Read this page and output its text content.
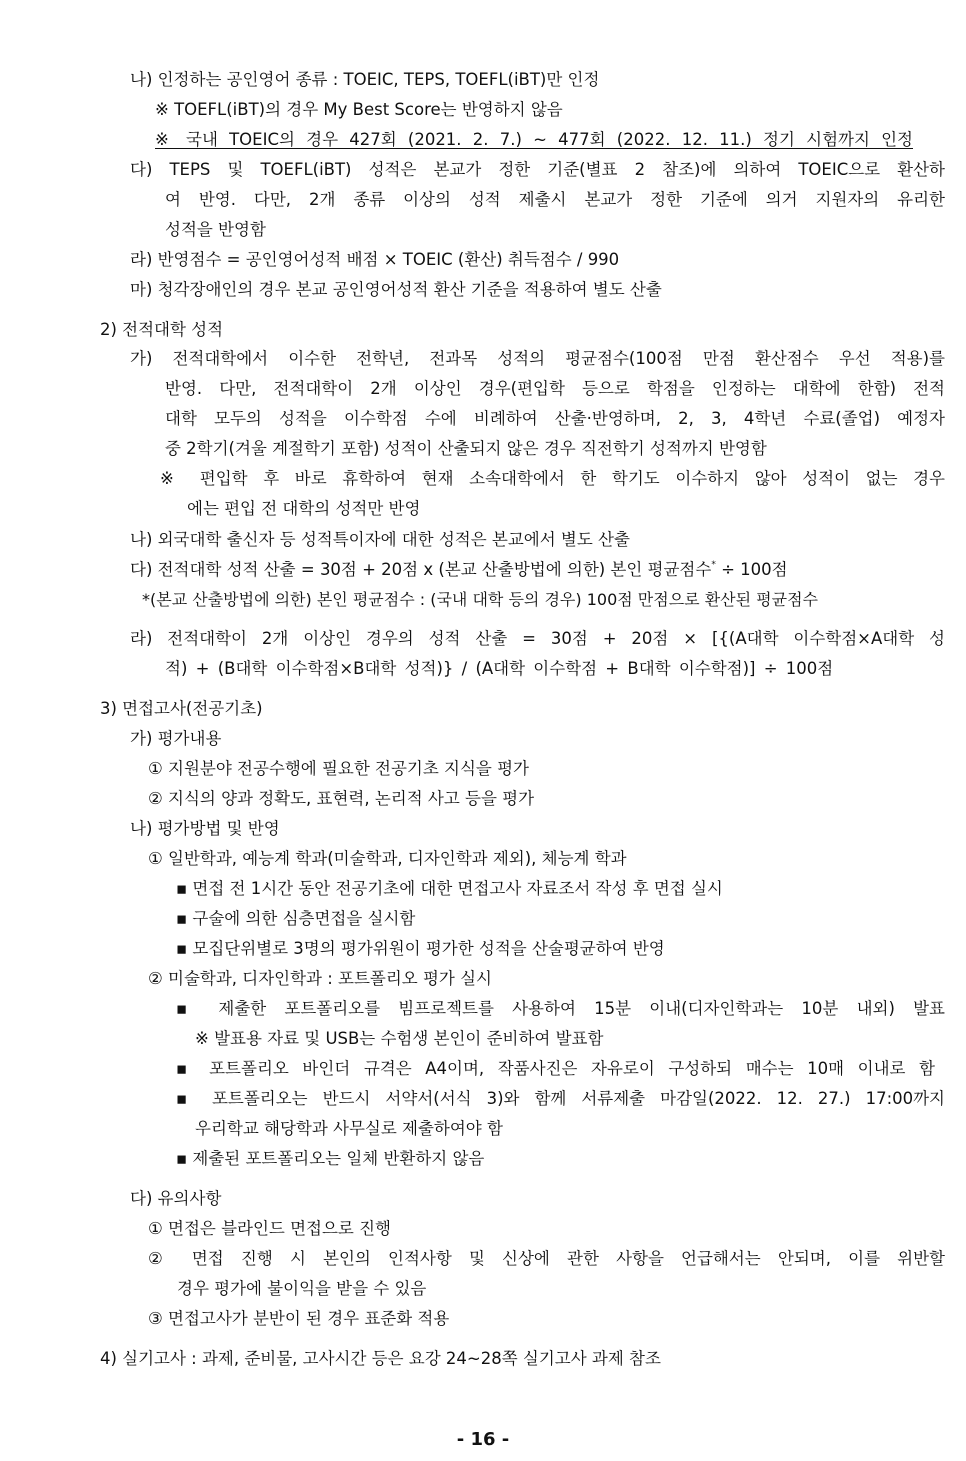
나) 인정하는 공인영어 종류 : TOEIC, TEPS, TOEFL(iBT)만 인정
※ TOEFL(iBT)의 경우 My Best Score는 반영하지 않음
※ 국내 TOEIC의 경우 427회 (2021. 2. 7.) ~ 477회 (2022. 12. 11.) 정기 시험까지 인정
다) TEPS 및 TOEFL(iBT) 성적은 본교가 정한 기준(별표 2 참조)에 의하여 TOEIC으로 환산하
여 반영. 다만, 2개 종류 이상의 성적 제출시 본교가 정한 기준에 의거 지원자의 유리한
성적을 반영함
라) 반영점수 = 공인영어성적 배점 × TOEIC (환산) 취득점수 / 990
마) 청각장애인의 경우 본교 공인영어성적 환산 기준을 적용하여 별도 산출
2) 전적대학 성적
가) 전적대학에서 이수한 전학년, 전과목 성적의 평균점수(100점 만점 환산점수 우선 적용)를
반영. 다만, 전적대학이 2개 이상인 경우(편입학 등으로 학점을 인정하는 대학에 한함) 전적
대학 모두의 성적을 이수학점 수에 비례하여 산출·반영하며, 2, 3, 4학년 수료(졸업) 예정자
중 2학기(겨울 계절학기 포함) 성적이 산출되지 않은 경우 직전학기 성적까지 반영함
※ 편입학 후 바로 휴학하여 현재 소속대학에서 한 학기도 이수하지 않아 성적이 없는 경우
에는 편입 전 대학의 성적만 반영
나) 외국대학 출신자 등 성적특이자에 대한 성적은 본교에서 별도 산출
다) 전적대학 성적 산출 = 30점 + 20점 x (본교 산출방법에 의한) 본인 평균점수* ÷ 100점
*(본교 산출방법에 의한) 본인 평균점수 : (국내 대학 등의 경우) 100점 만점으로 환산된 평균점수
라) 전적대학이 2개 이상인 경우의 성적 산출 = 30점 + 20점 × [{(A대학 이수학점×A대학 성
적) + (B대학 이수학점×B대학 성적)} / (A대학 이수학점 + B대학 이수학점)] ÷ 100점
3) 면접고사(전공기초)
가) 평가내용
① 지원분야 전공수행에 필요한 전공기초 지식을 평가
② 지식의 양과 정확도, 표현력, 논리적 사고 등을 평가
나) 평가방법 및 반영
① 일반학과, 예능계 학과(미술학과, 디자인학과 제외), 체능계 학과
▪ 면접 전 1시간 동안 전공기초에 대한 면접고사 자료조서 작성 후 면접 실시
▪ 구술에 의한 심층면접을 실시함
▪ 모집단위별로 3명의 평가위원이 평가한 성적을 산술평균하여 반영
② 미술학과, 디자인학과 : 포트폴리오 평가 실시
▪ 제출한 포트폴리오를 빔프로젝트를 사용하여 15분 이내(디자인학과는 10분 내외) 발표
※ 발표용 자료 및 USB는 수험생 본인이 준비하여 발표함
▪ 포트폴리오 바인더 규격은 A4이며, 작품사진은 자유로이 구성하되 매수는 10매 이내로 함
▪ 포트폴리오는 반드시 서약서(서식 3)와 함께 서류제출 마감일(2022. 12. 27.) 17:00까지
우리학교 해당학과 사무실로 제출하여야 함
▪ 제출된 포트폴리오는 일체 반환하지 않음
다) 유의사항
① 면접은 블라인드 면접으로 진행
② 면접 진행 시 본인의 인적사항 및 신상에 관한 사항을 언급해서는 안되며, 이를 위반할
경우 평가에 불이익을 받을 수 있음
③ 면접고사가 분반이 된 경우 표준화 적용
4) 실기고사 : 과제, 준비물, 고사시간 등은 요강 24~28쪽 실기고사 과제 참조
- 16 -
